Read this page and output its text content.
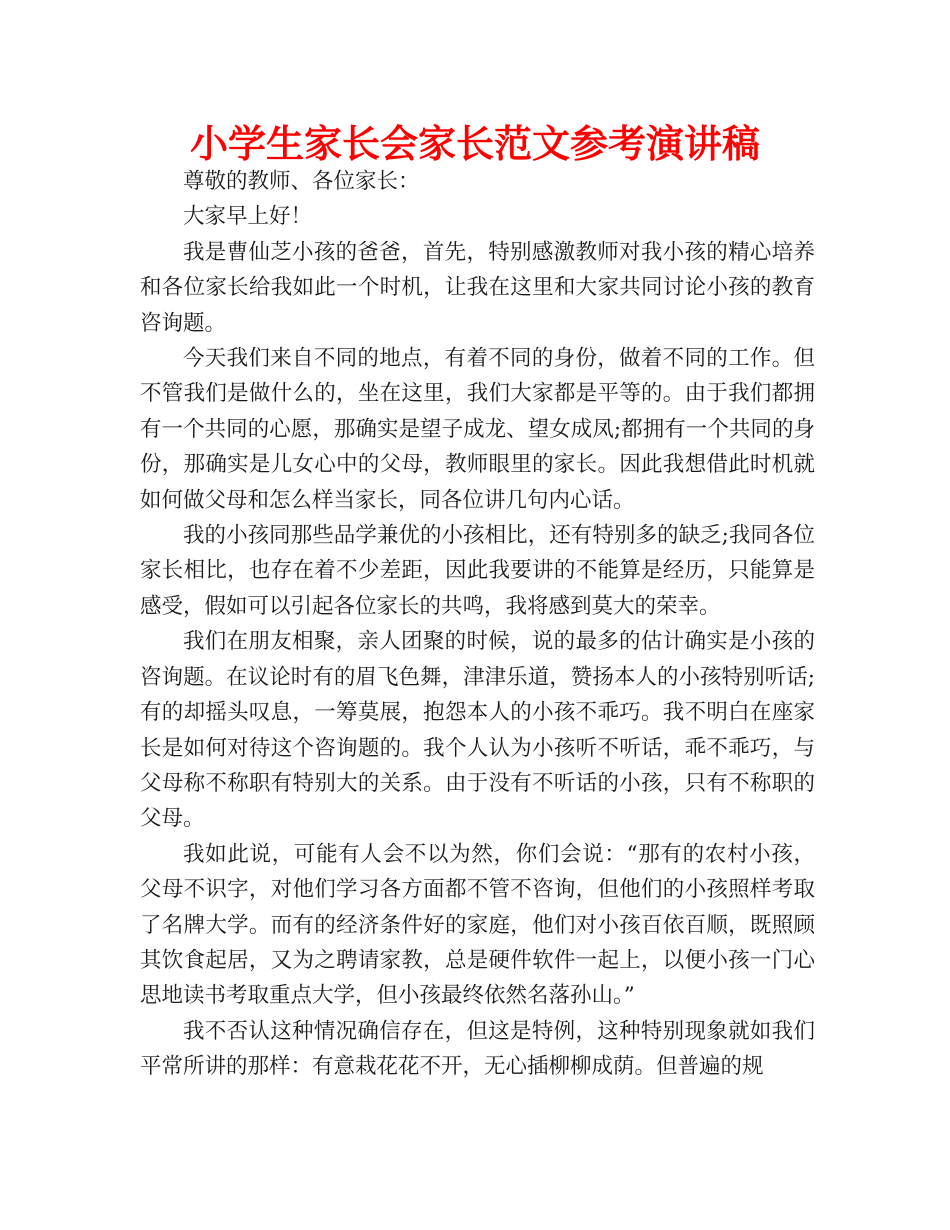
小学生家长会家长范文参考演讲稿

尊敬的教师、各位家长：

大家早上好！

我是曹仙芝小孩的爸爸，首先，特别感激教师对我小孩的精心培养和各位家长给我如此一个时机，让我在这里和大家共同讨论小孩的教育咨询题。

今天我们来自不同的地点，有着不同的身份，做着不同的工作。但不管我们是做什么的，坐在这里，我们大家都是平等的。由于我们都拥有一个共同的心愿，那确实是望子成龙、望女成凤;都拥有一个共同的身份，那确实是儿女心中的父母，教师眼里的家长。因此我想借此时机就如何做父母和怎么样当家长，同各位讲几句内心话。

我的小孩同那些品学兼优的小孩相比，还有特别多的缺乏;我同各位家长相比，也存在着不少差距，因此我要讲的不能算是经历，只能算是感受，假如可以引起各位家长的共鸣，我将感到莫大的荣幸。

我们在朋友相聚，亲人团聚的时候，说的最多的估计确实是小孩的咨询题。在议论时有的眉飞色舞，津津乐道，赞扬本人的小孩特别听话;有的却摇头叹息，一筹莫展，抱怨本人的小孩不乖巧。我不明白在座家长是如何对待这个咨询题的。我个人认为小孩听不听话，乖不乖巧，与父母称不称职有特别大的关系。由于没有不听话的小孩，只有不称职的父母。

我如此说，可能有人会不以为然，你们会说：“那有的农村小孩，父母不识字，对他们学习各方面都不管不咨询，但他们的小孩照样考取了名牌大学。而有的经济条件好的家庭，他们对小孩百依百顺，既照顾其饮食起居，又为之聘请家教，总是硬件软件一起上，以便小孩一门心思地读书考取重点大学，但小孩最终依然名落孙山。”

我不否认这种情况确信存在，但这是特例，这种特别现象就如我们平常所讲的那样：有意栽花花不开，无心插柳柳成荫。但普遍的规
